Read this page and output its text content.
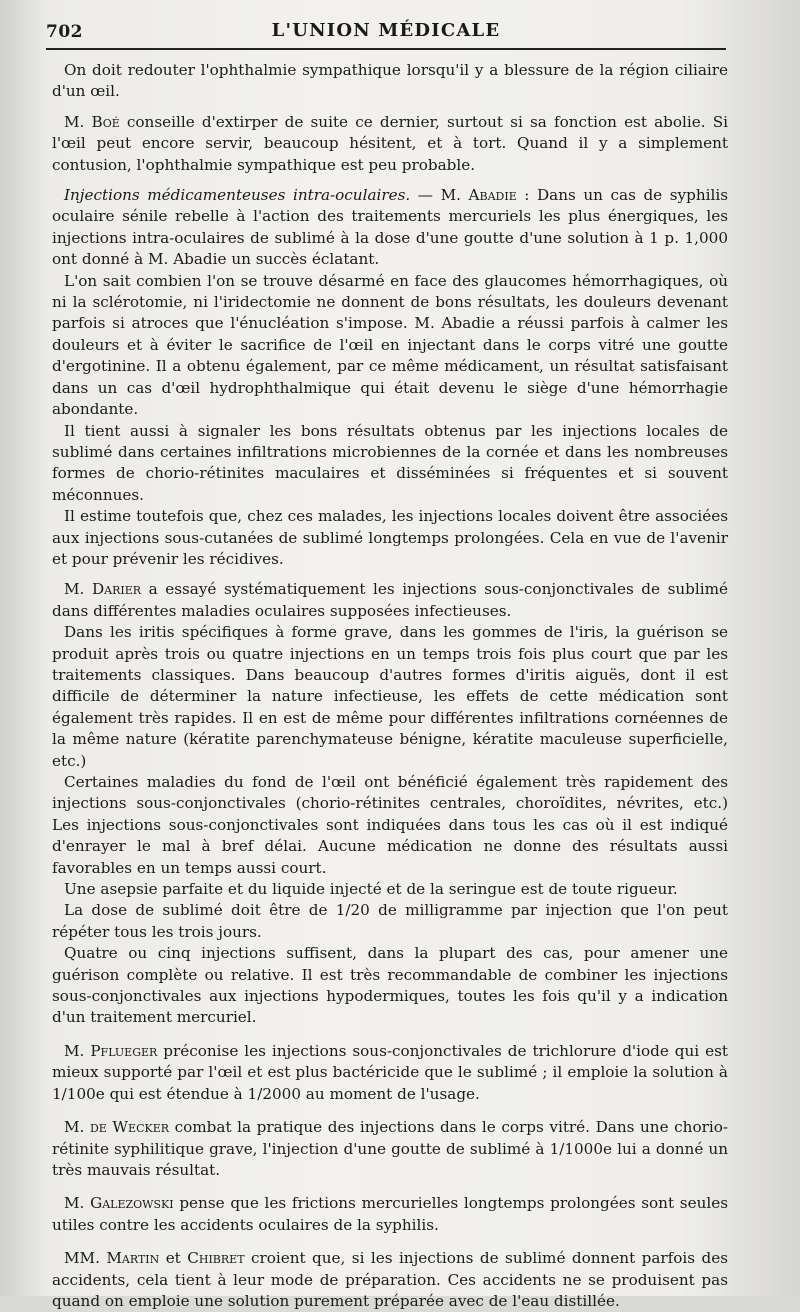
702	L'UNION MÉDICALE

On doit redouter l'ophthalmie sympathique lorsqu'il y a blessure de la région ciliaire d'un œil.

M. Boé conseille d'extirper de suite ce dernier, surtout si sa fonction est abolie. Si l'œil peut encore servir, beaucoup hésitent, et à tort. Quand il y a simplement contusion, l'ophthalmie sympathique est peu probable.

Injections médicamenteuses intra-oculaires. — M. Abadie : Dans un cas de syphilis oculaire sénile rebelle à l'action des traitements mercuriels les plus énergiques, les injections intra-oculaires de sublimé à la dose d'une goutte d'une solution à 1 p. 1,000 ont donné à M. Abadie un succès éclatant.

L'on sait combien l'on se trouve désarmé en face des glaucomes hémorrhagiques, où ni la sclérotomie, ni l'iridectomie ne donnent de bons résultats, les douleurs devenant parfois si atroces que l'énucléation s'impose. M. Abadie a réussi parfois à calmer les douleurs et à éviter le sacrifice de l'œil en injectant dans le corps vitré une goutte d'ergotinine. Il a obtenu également, par ce même médicament, un résultat satisfaisant dans un cas d'œil hydrophthalmique qui était devenu le siège d'une hémorrhagie abondante.

Il tient aussi à signaler les bons résultats obtenus par les injections locales de sublimé dans certaines infiltrations microbiennes de la cornée et dans les nombreuses formes de chorio-rétinites maculaires et disséminées si fréquentes et si souvent méconnues.

Il estime toutefois que, chez ces malades, les injections locales doivent être associées aux injections sous-cutanées de sublimé longtemps prolongées. Cela en vue de l'avenir et pour prévenir les récidives.

M. Darier a essayé systématiquement les injections sous-conjonctivales de sublimé dans différentes maladies oculaires supposées infectieuses.

Dans les iritis spécifiques à forme grave, dans les gommes de l'iris, la guérison se produit après trois ou quatre injections en un temps trois fois plus court que par les traitements classiques. Dans beaucoup d'autres formes d'iritis aiguës, dont il est difficile de déterminer la nature infectieuse, les effets de cette médication sont également très rapides. Il en est de même pour différentes infiltrations cornéennes de la même nature (kératite parenchymateuse bénigne, kératite maculeuse superficielle, etc.)

Certaines maladies du fond de l'œil ont bénéficié également très rapidement des injections sous-conjonctivales (chorio-rétinites centrales, choroïdites, névrites, etc.) Les injections sous-conjonctivales sont indiquées dans tous les cas où il est indiqué d'enrayer le mal à bref délai. Aucune médication ne donne des résultats aussi favorables en un temps aussi court.

Une asepsie parfaite et du liquide injecté et de la seringue est de toute rigueur.

La dose de sublimé doit être de 1/20 de milligramme par injection que l'on peut répéter tous les trois jours.

Quatre ou cinq injections suffisent, dans la plupart des cas, pour amener une guérison complète ou relative. Il est très recommandable de combiner les injections sous-conjonctivales aux injections hypodermiques, toutes les fois qu'il y a indication d'un traitement mercuriel.

M. Pflueger préconise les injections sous-conjonctivales de trichlorure d'iode qui est mieux supporté par l'œil et est plus bactéricide que le sublimé ; il emploie la solution à 1/100e qui est étendue à 1/2000 au moment de l'usage.

M. de Wecker combat la pratique des injections dans le corps vitré. Dans une chorio-rétinite syphilitique grave, l'injection d'une goutte de sublimé à 1/1000e lui a donné un très mauvais résultat.

M. Galezowski pense que les frictions mercurielles longtemps prolongées sont seules utiles contre les accidents oculaires de la syphilis.

MM. Martin et Chibret croient que, si les injections de sublimé donnent parfois des accidents, cela tient à leur mode de préparation. Ces accidents ne se produisent pas quand on emploie une solution purement préparée avec de l'eau distillée.
